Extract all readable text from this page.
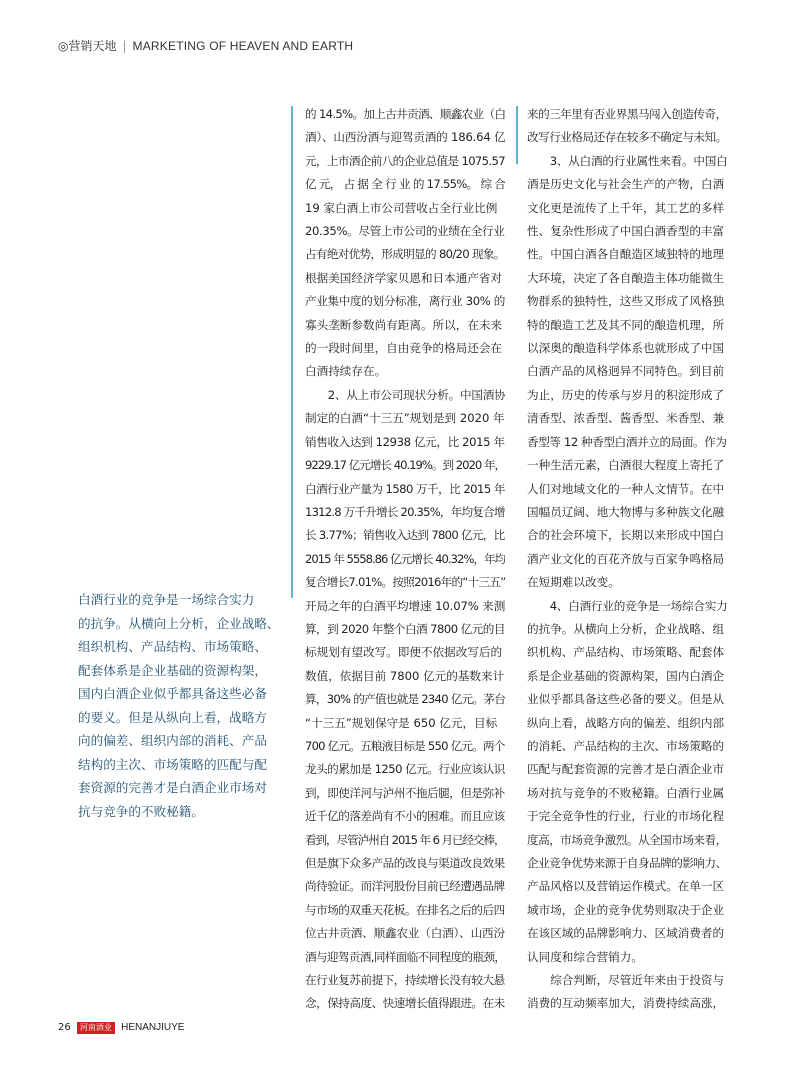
◎营销天地 | MARKETING OF HEAVEN AND EARTH
白酒行业的竞争是一场综合实力
的抗争。从横向上分析，企业战略、
组织机构、产品结构、市场策略、
配套体系是企业基础的资源构架，
国内白酒企业似乎都具备这些必备
的要义。但是从纵向上看，战略方
向的偏差、组织内部的消耗、产品
结构的主次、市场策略的匹配与配
套资源的完善才是白酒企业市场对
抗与竞争的不败秘籍。
的 14.5%。加上古井贡酒、顺鑫农业（白
酒）、山西汾酒与迎驾贡酒的 186.64 亿
元，上市酒企前八的企业总值是 1075.57
亿 元， 占 据 全 行 业 的 17.55%。 综 合
19 家白酒上市公司营收占全行业比例
20.35%。尽管上市公司的业绩在全行业
占有绝对优势，形成明显的 80/20 现象。
根据美国经济学家贝恩和日本通产省对
产业集中度的划分标准，离行业 30% 的
寡头垄断参数尚有距离。所以，在未来
的一段时间里，自由竞争的格局还会在
白酒持续存在。
　　2、从上市公司现状分析。中国酒协
制定的白酒“十三五”规划是到 2020 年
销售收入达到 12938 亿元，比 2015 年
9229.17 亿元增长 40.19%。到 2020 年，
白酒行业产量为 1580 万千，比 2015 年
1312.8 万千升增长 20.35%，年均复合增
长 3.77%；销售收入达到 7800 亿元，比
2015 年 5558.86 亿元增长 40.32%，年均
复合增长7.01%。按照2016年的“十三五”
开局之年的白酒平均增速 10.07% 来测
算，到 2020 年整个白酒 7800 亿元的目
标规划有望改写。即便不依据改写后的
数值，依据目前 7800 亿元的基数来计
算，30% 的产值也就是 2340 亿元。茅台
“十三五”规划保守是 650 亿元，目标
700 亿元。五粮液目标是 550 亿元。两个
龙头的累加是 1250 亿元。行业应该认识
到，即使洋河与泸州不拖后腿，但是弥补
近千亿的落差尚有不小的困难。而且应该
看到，尽管泸州自 2015 年 6 月已经交棒，
但是旗下众多产品的改良与渠道改良效果
尚待验证。而洋河股份目前已经遭遇品牌
与市场的双重天花板。在排名之后的后四
位古井贡酒、顺鑫农业（白酒）、山西汾
酒与迎驾贡酒,同样面临不同程度的瓶颈，
在行业复苏前提下，持续增长没有较大悬
念，保持高度、快速增长值得跟进。在未
来的三年里有否业界黑马闯入创造传奇，
改写行业格局还存在较多不确定与未知。
　　3、从白酒的行业属性来看。中国白
酒是历史文化与社会生产的产物，白酒
文化更是流传了上千年，其工艺的多样
性、复杂性形成了中国白酒香型的丰富
性。中国白酒各自酿造区域独特的地理
大环境，决定了各自酿造主体功能微生
物群系的独特性，这些又形成了风格独
特的酿造工艺及其不同的酿造机理，所
以深奥的酿造科学体系也就形成了中国
白酒产品的风格迥异不同特色。到目前
为止，历史的传承与岁月的积淀形成了
清香型、浓香型、酱香型、米香型、兼
香型等 12 种香型白酒并立的局面。作为
一种生活元素，白酒很大程度上寄托了
人们对地域文化的一种人文情节。在中
国幅员辽阔、地大物博与多种族文化融
合的社会环境下，长期以来形成中国白
酒产业文化的百花齐放与百家争鸣格局
在短期难以改变。
　　4、白酒行业的竞争是一场综合实力
的抗争。从横向上分析，企业战略、组
织机构、产品结构、市场策略、配套体
系是企业基础的资源构架，国内白酒企
业似乎都具备这些必备的要义。但是从
纵向上看，战略方向的偏差、组织内部
的消耗、产品结构的主次、市场策略的
匹配与配套资源的完善才是白酒企业市
场对抗与竞争的不败秘籍。白酒行业属
于完全竞争性的行业，行业的市场化程
度高，市场竞争激烈。从全国市场来看，
企业竞争优势来源于自身品牌的影响力、
产品风格以及营销运作模式。在单一区
域市场，企业的竞争优势则取决于企业
在该区域的品牌影响力、区域消费者的
认同度和综合营销力。
　　综合判断，尽管近年来由于投资与
消费的互动频率加大，消费持续高涨，
26 河南酒业 HENANJIUYE
